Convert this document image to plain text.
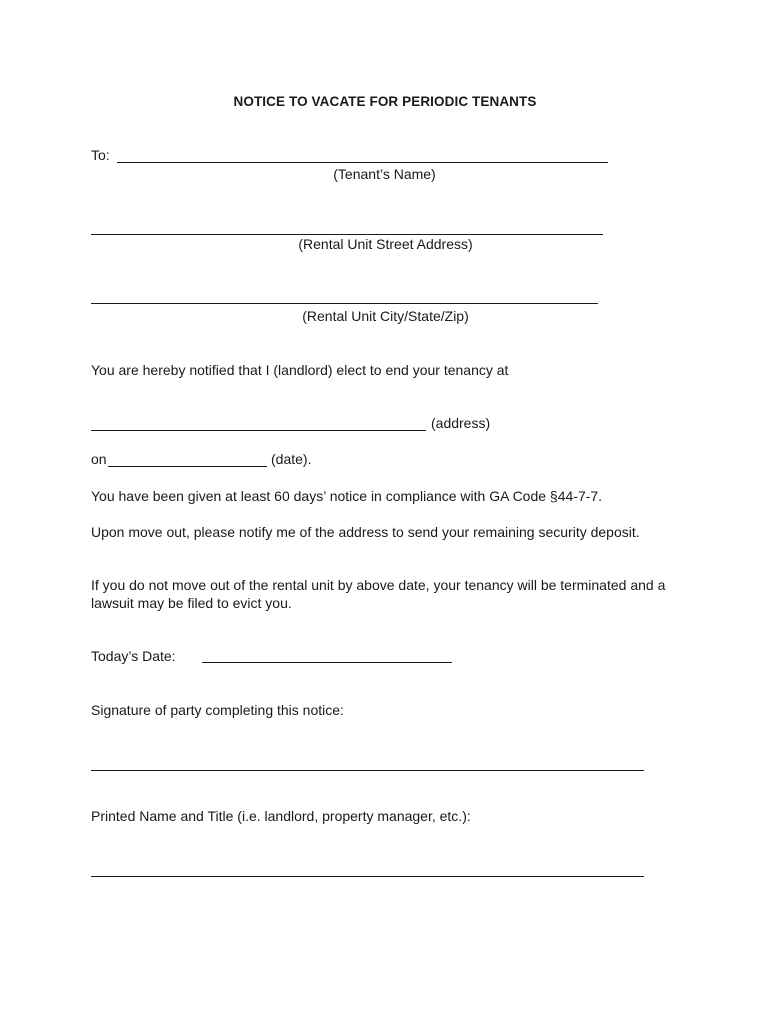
NOTICE TO VACATE FOR PERIODIC TENANTS
To:
(Tenant’s Name)
(Rental Unit Street Address)
(Rental Unit City/State/Zip)
You are hereby notified that I (landlord) elect to end your tenancy at
(address)
on	(date).
You have been given at least 60 days’ notice in compliance with GA Code §44-7-7.
Upon move out, please notify me of the address to send your remaining security deposit.
If you do not move out of the rental unit by above date, your tenancy will be terminated and a lawsuit may be filed to evict you.
Today’s Date:
Signature of party completing this notice:
Printed Name and Title (i.e. landlord, property manager, etc.):
